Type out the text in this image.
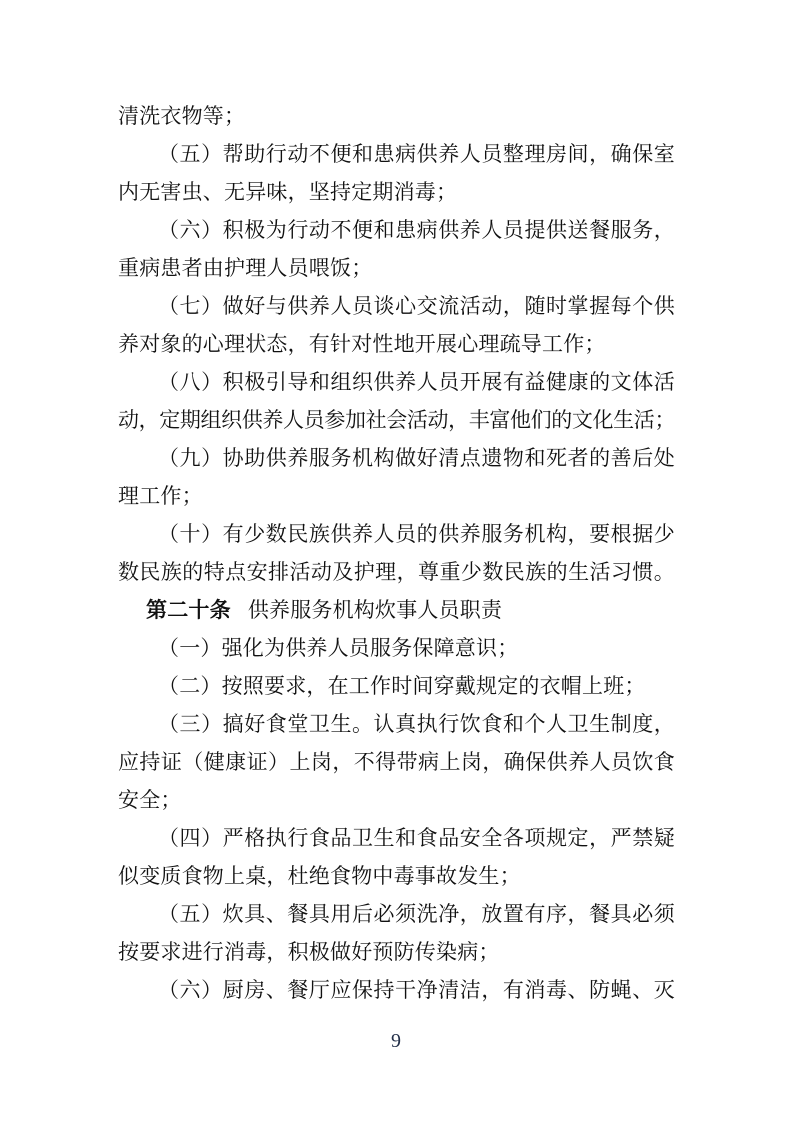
清洗衣物等；
（五）帮助行动不便和患病供养人员整理房间，确保室
内无害虫、无异味，坚持定期消毒；
（六）积极为行动不便和患病供养人员提供送餐服务，
重病患者由护理人员喂饭；
（七）做好与供养人员谈心交流活动，随时掌握每个供
养对象的心理状态，有针对性地开展心理疏导工作；
（八）积极引导和组织供养人员开展有益健康的文体活
动，定期组织供养人员参加社会活动，丰富他们的文化生活；
（九）协助供养服务机构做好清点遗物和死者的善后处
理工作；
（十）有少数民族供养人员的供养服务机构，要根据少
数民族的特点安排活动及护理，尊重少数民族的生活习惯。
第二十条 供养服务机构炊事人员职责
（一）强化为供养人员服务保障意识；
（二）按照要求，在工作时间穿戴规定的衣帽上班；
（三）搞好食堂卫生。认真执行饮食和个人卫生制度，
应持证（健康证）上岗，不得带病上岗，确保供养人员饮食
安全；
（四）严格执行食品卫生和食品安全各项规定，严禁疑
似变质食物上桌，杜绝食物中毒事故发生；
（五）炊具、餐具用后必须洗净，放置有序，餐具必须
按要求进行消毒，积极做好预防传染病；
（六）厨房、餐厅应保持干净清洁，有消毒、防蝇、灭
9
